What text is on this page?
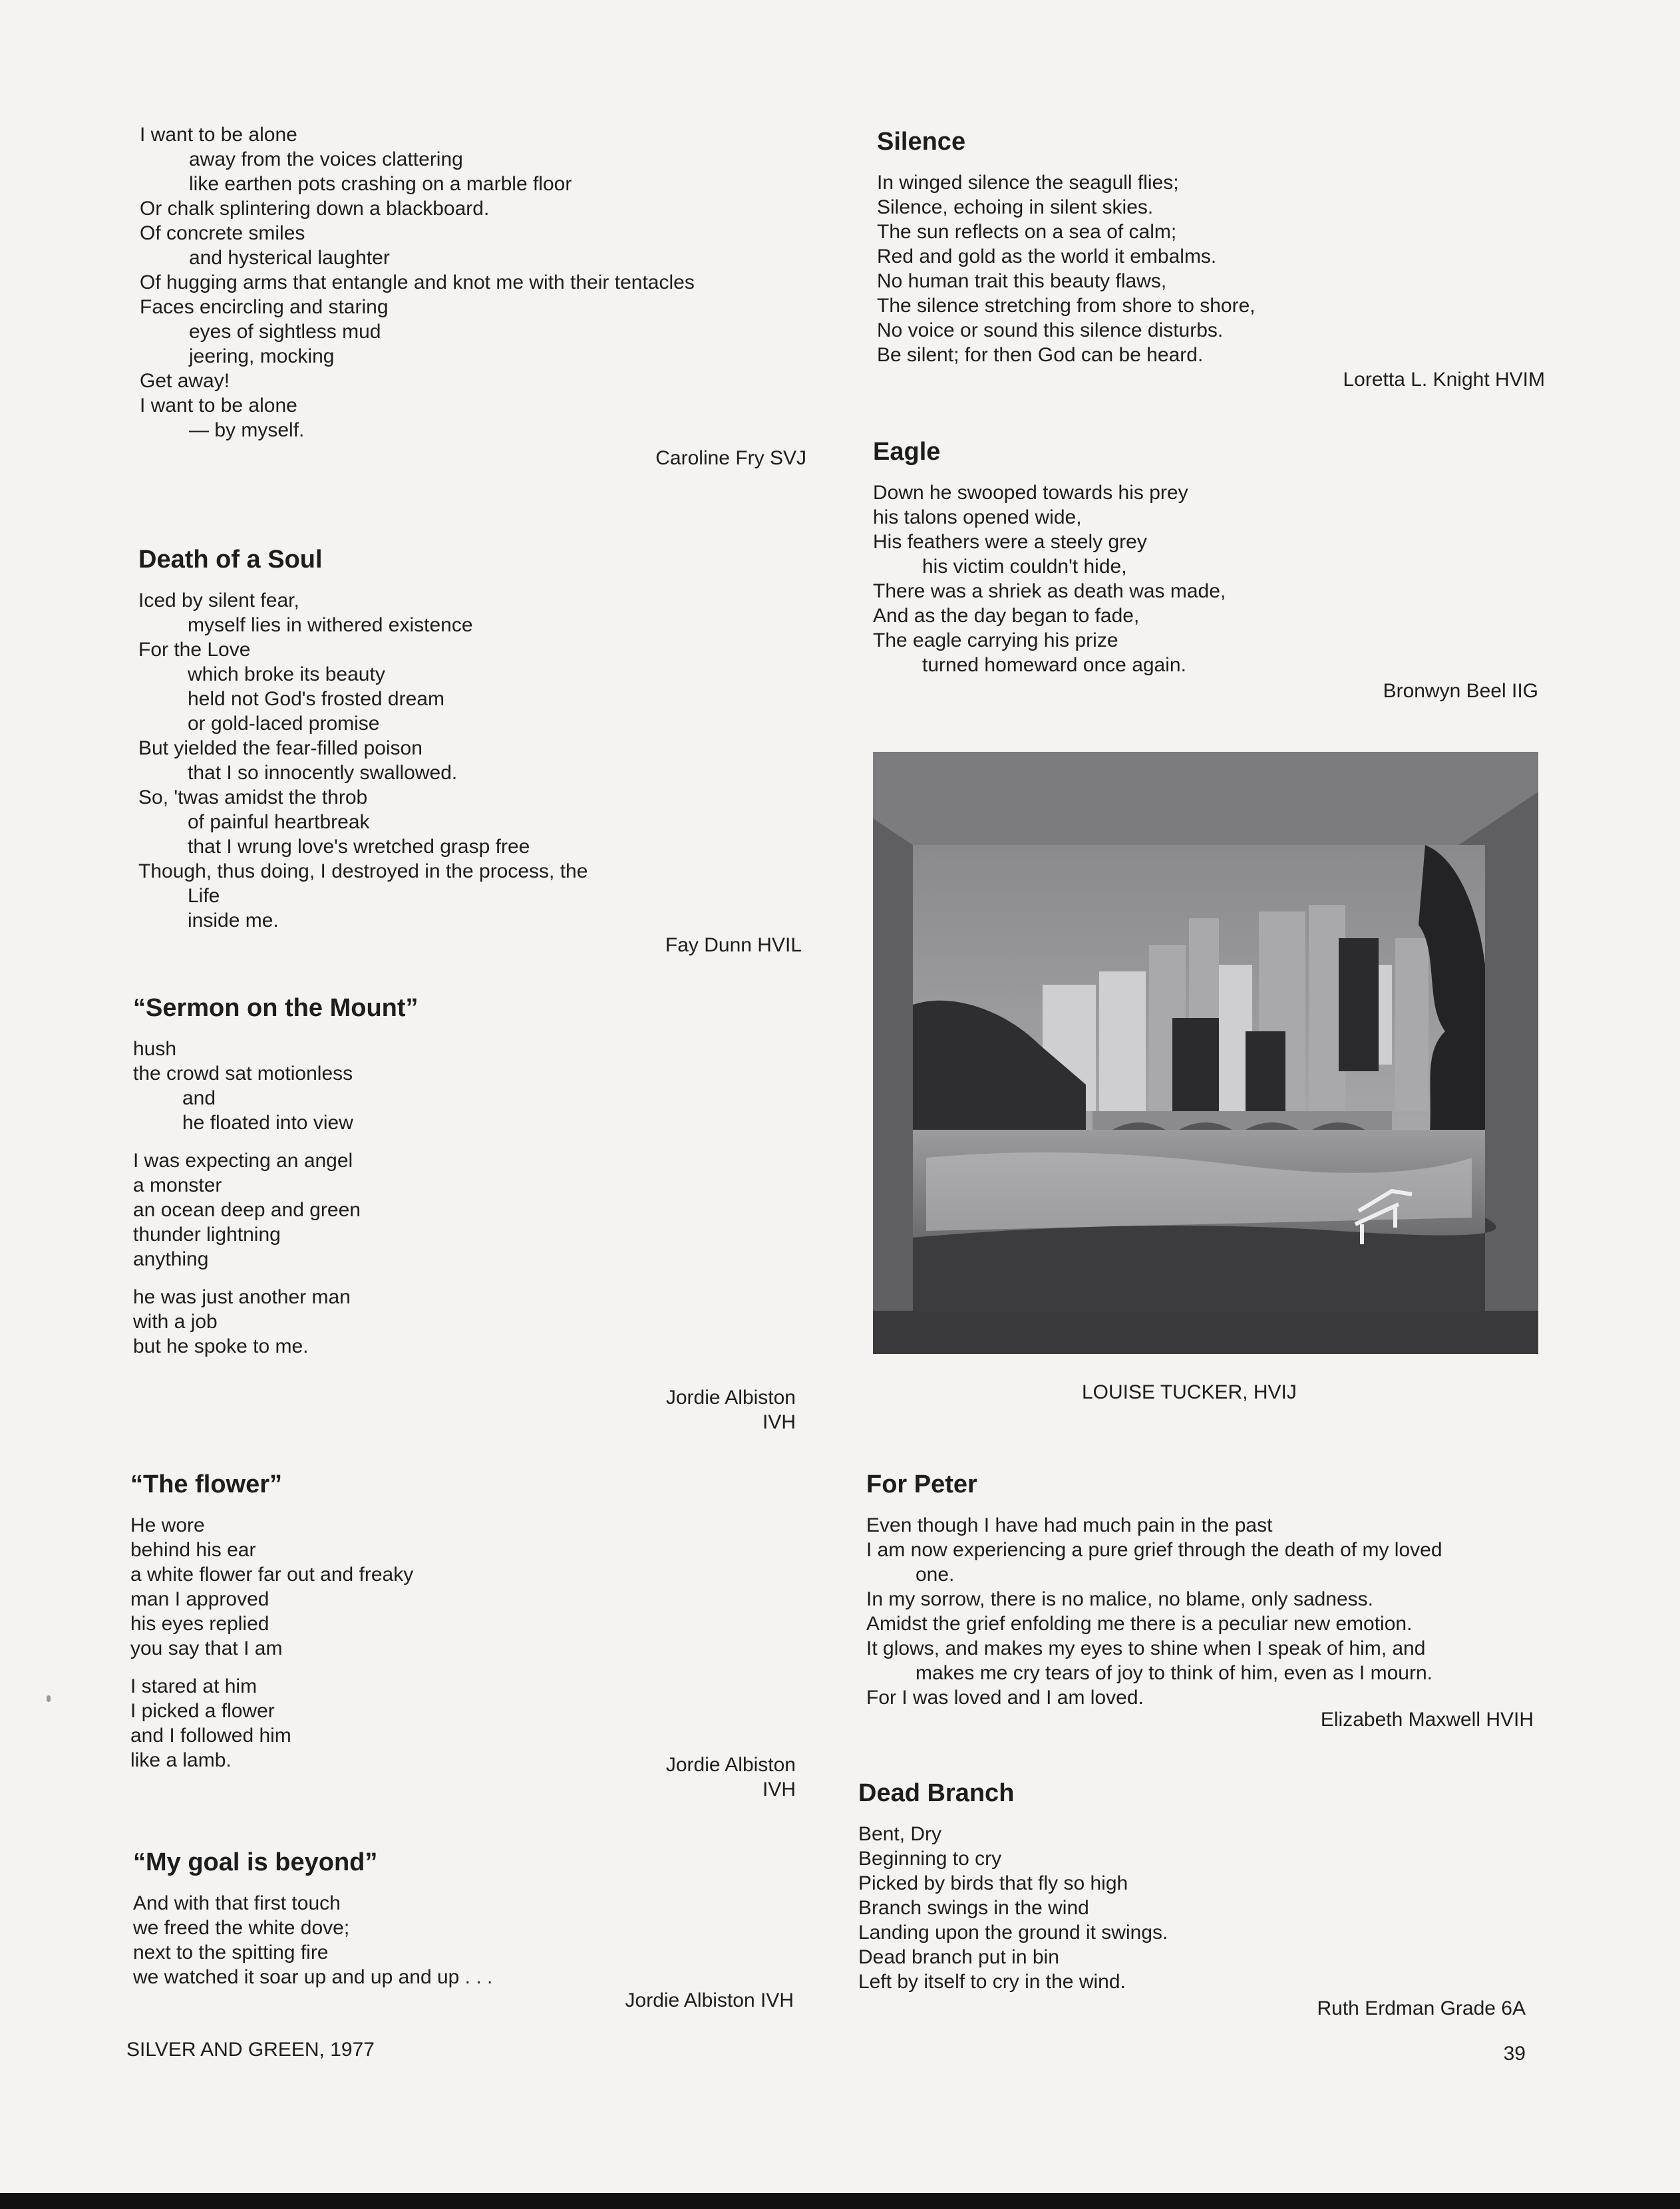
I want to be alone
away from the voices clattering
like earthen pots crashing on a marble floor
Or chalk splintering down a blackboard.
Of concrete smiles
and hysterical laughter
Of hugging arms that entangle and knot me with their tentacles
Faces encircling and staring
eyes of sightless mud
jeering, mocking
Get away!
I want to be alone
— by myself.
Caroline Fry SVJ
Death of a Soul
Iced by silent fear,
myself lies in withered existence
For the Love
which broke its beauty
held not God's frosted dream
or gold-laced promise
But yielded the fear-filled poison
that I so innocently swallowed.
So, 'twas amidst the throb
of painful heartbreak
that I wrung love's wretched grasp free
Though, thus doing, I destroyed in the process, the
Life
inside me.
Fay Dunn HVIL
“Sermon on the Mount”
hush
the crowd sat motionless
and
he floated into view
I was expecting an angel
a monster
an ocean deep and green
thunder lightning
anything
he was just another man
with a job
but he spoke to me.
Jordie Albiston
IVH
“The flower”
He wore
behind his ear
a white flower far out and freaky
man I approved
his eyes replied
you say that I am
I stared at him
I picked a flower
and I followed him
like a lamb.	Jordie Albiston
IVH
“My goal is beyond”
And with that first touch
we freed the white dove;
next to the spitting fire
we watched it soar up and up and up . . .
Jordie Albiston IVH
Silence
In winged silence the seagull flies;
Silence, echoing in silent skies.
The sun reflects on a sea of calm;
Red and gold as the world it embalms.
No human trait this beauty flaws,
The silence stretching from shore to shore,
No voice or sound this silence disturbs.
Be silent; for then God can be heard.
Loretta L. Knight HVIM
Eagle
Down he swooped towards his prey
his talons opened wide,
His feathers were a steely grey
his victim couldn't hide,
There was a shriek as death was made,
And as the day began to fade,
The eagle carrying his prize
turned homeward once again.
Bronwyn Beel IIG
LOUISE TUCKER, HVIJ
For Peter
Even though I have had much pain in the past
I am now experiencing a pure grief through the death of my loved
one.
In my sorrow, there is no malice, no blame, only sadness.
Amidst the grief enfolding me there is a peculiar new emotion.
It glows, and makes my eyes to shine when I speak of him, and
makes me cry tears of joy to think of him, even as I mourn.
For I was loved and I am loved.
Elizabeth Maxwell HVIH
Dead Branch
Bent, Dry
Beginning to cry
Picked by birds that fly so high
Branch swings in the wind
Landing upon the ground it swings.
Dead branch put in bin
Left by itself to cry in the wind.
Ruth Erdman Grade 6A
SILVER AND GREEN, 1977	39
